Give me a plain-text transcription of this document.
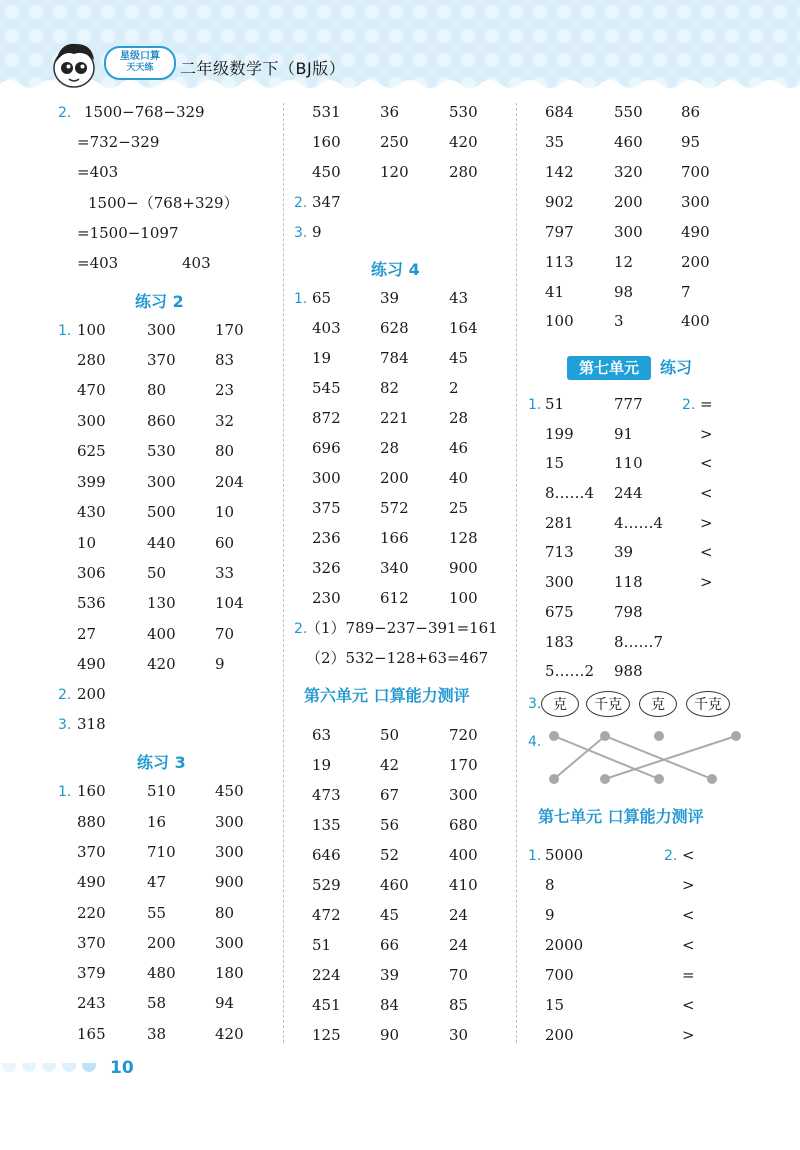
星级口算
天天练	二年级数学下（BJ版）
2. 1500−768−329
=732−329
=403
1500−（768+329）
=1500−1097
=403	403
练习 2
1. 100	300	170
280	370	83
470	80	23
300	860	32
625	530	80
399	300	204
430	500	10
10	440	60
306	50	33
536	130	104
27	400	70
490	420	9
2. 200
3. 318
练习 3
1. 160	510	450
880	16	300
370	710	300
490	47	900
220	55	80
370	200	300
379	480	180
243	58	94
165	38	420
531	36	530
160	250	420
450	120	280
2. 347
3. 9
练习 4
1. 65	39	43
403	628	164
19	784	45
545	82	2
872	221	28
696	28	46
300	200	40
375	572	25
236	166	128
326	340	900
230	612	100
2.
（1）789−237−391=161
（2）532−128+63=467
第六单元 口算能力测评
63	50	720
19	42	170
473	67	300
135	56	680
646	52	400
529	460	410
472	45	24
51	66	24
224	39	70
451	84	85
125	90	30
684	550	86
35	460	95
142	320	700
902	200	300
797	300	490
113	12	200
41	98	7
100	3	400
第七单元	练习
1.	2.
51	777	=
199	91	>
15	110	<
8……4 244	<
281	4……4 >
713	39	<
300	118	>
675	798
183	8……7
5……2 988
3. 克	千克	克	千克
4.
第七单元 口算能力测评
1.	2.
5000	<
8	>
9	<
2000	<
700	=
15	<
200	>
10
